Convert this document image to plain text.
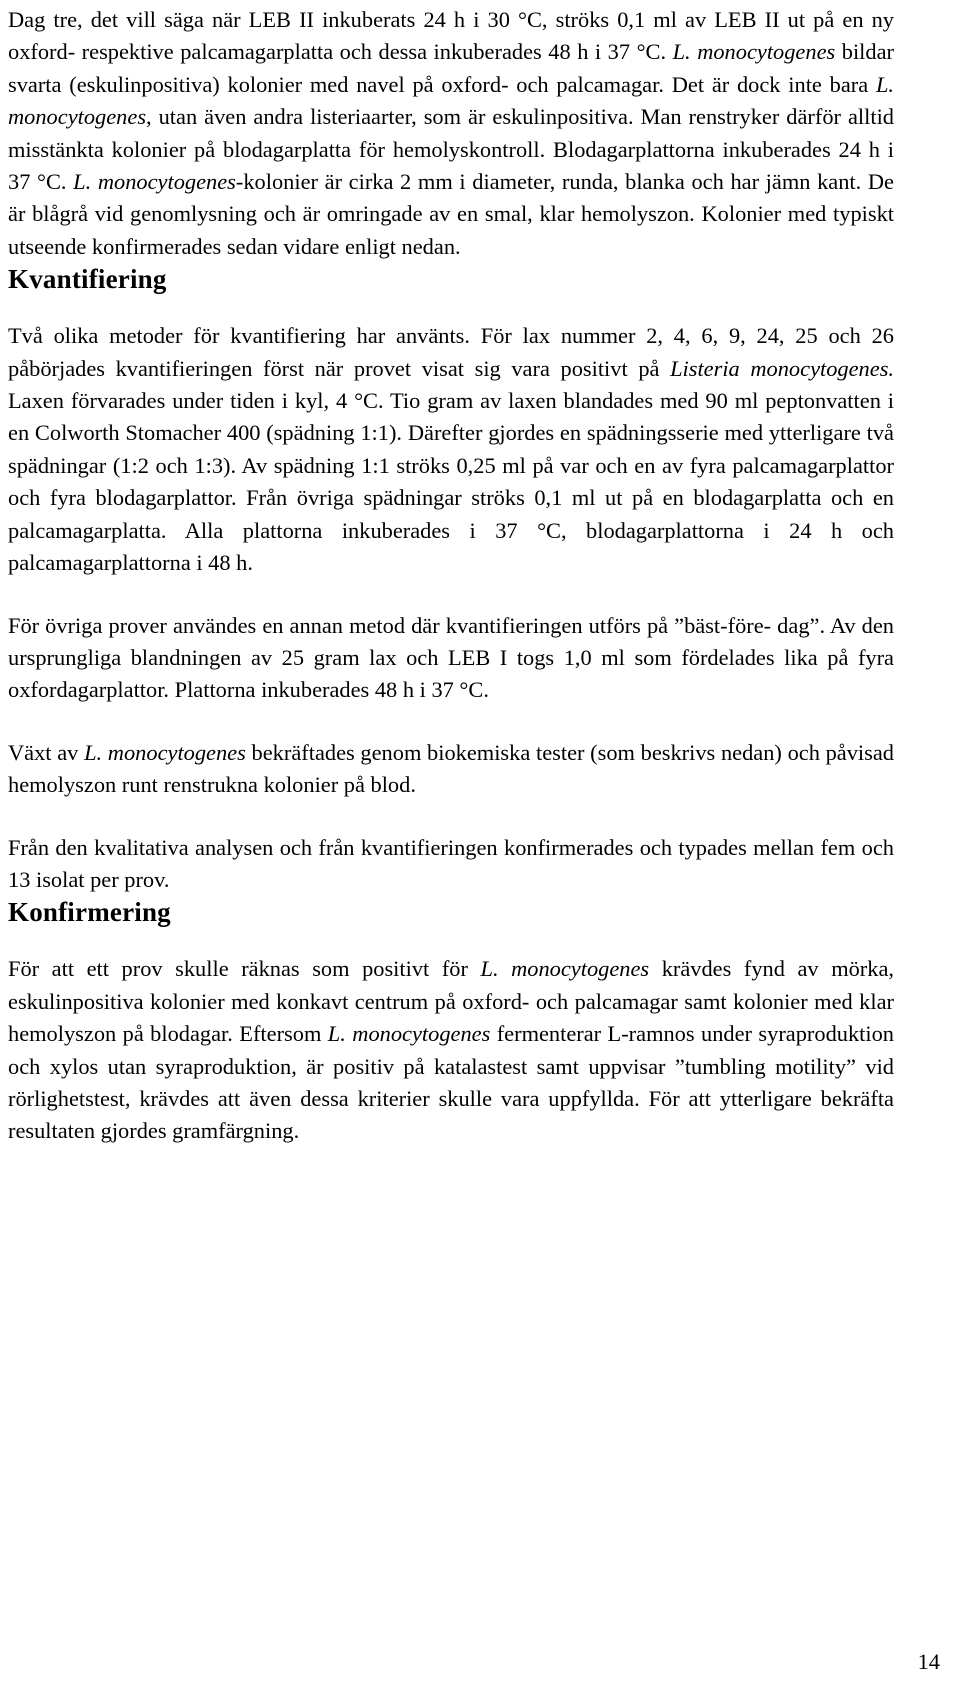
Dag tre, det vill säga när LEB II inkuberats 24 h i 30 °C, ströks 0,1 ml av LEB II ut på en ny oxford- respektive palcamagarplatta och dessa inkuberades 48 h i 37 °C. L. monocytogenes bildar svarta (eskulinpositiva) kolonier med navel på oxford- och palcamagar. Det är dock inte bara L. monocytogenes, utan även andra listeriaarter, som är eskulinpositiva. Man renstryker därför alltid misstänkta kolonier på blodagarplatta för hemolyskontroll. Blodagarplattorna inkuberades 24 h i 37 °C. L. monocytogenes-kolonier är cirka 2 mm i diameter, runda, blanka och har jämn kant. De är blågrå vid genomlysning och är omringade av en smal, klar hemolyszon. Kolonier med typiskt utseende konfirmerades sedan vidare enligt nedan.

Kvantifiering

Två olika metoder för kvantifiering har använts. För lax nummer 2, 4, 6, 9, 24, 25 och 26 påbörjades kvantifieringen först när provet visat sig vara positivt på Listeria monocytogenes. Laxen förvarades under tiden i kyl, 4 °C. Tio gram av laxen blandades med 90 ml peptonvatten i en Colworth Stomacher 400 (spädning 1:1). Därefter gjordes en spädningsserie med ytterligare två spädningar (1:2 och 1:3). Av spädning 1:1 ströks 0,25 ml på var och en av fyra palcamagarplattor och fyra blodagarplattor. Från övriga spädningar ströks 0,1 ml ut på en blodagarplatta och en palcamagarplatta. Alla plattorna inkuberades i 37 °C, blodagarplattorna i 24 h och palcamagarplattorna i 48 h.

För övriga prover användes en annan metod där kvantifieringen utförs på ”bäst-före- dag”. Av den ursprungliga blandningen av 25 gram lax och LEB I togs 1,0 ml som fördelades lika på fyra oxfordagarplattor. Plattorna inkuberades 48 h i 37 °C.

Växt av L. monocytogenes bekräftades genom biokemiska tester (som beskrivs nedan) och påvisad hemolyszon runt renstrukna kolonier på blod.

Från den kvalitativa analysen och från kvantifieringen konfirmerades och typades mellan fem och 13 isolat per prov.

Konfirmering

För att ett prov skulle räknas som positivt för L. monocytogenes krävdes fynd av mörka, eskulinpositiva kolonier med konkavt centrum på oxford- och palcamagar samt kolonier med klar hemolyszon på blodagar. Eftersom L. monocytogenes fermenterar L-ramnos under syraproduktion och xylos utan syraproduktion, är positiv på katalastest samt uppvisar ”tumbling motility” vid rörlighetstest, krävdes att även dessa kriterier skulle vara uppfyllda. För att ytterligare bekräfta resultaten gjordes gramfärgning.

14
